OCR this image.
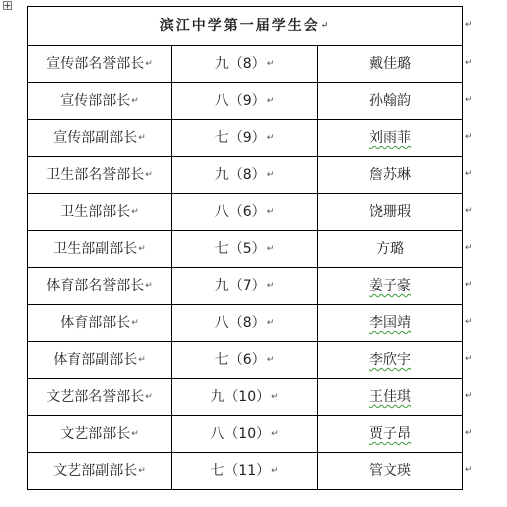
滨江中学第一届学生会↵		
宣传部名誉部长↵	九（8）↵	戴佳璐
宣传部部长↵	八（9）↵	孙翰韵
宣传部副部长↵	七（9）↵	刘雨菲
卫生部名誉部长↵	九（8）↵	詹苏琳
卫生部部长↵	八（6）↵	饶珊瑕
卫生部副部长↵	七（5）↵	方璐
体育部名誉部长↵	九（7）↵	姜子豪
体育部部长↵	八（8）↵	李国靖
体育部副部长↵	七（6）↵	李欣宇
文艺部名誉部长↵	九（10）↵	王佳琪
文艺部部长↵	八（10）↵	贾子昂
文艺部副部长↵	七（11）↵	管文瑛
↵
↵
↵
↵
↵
↵
↵
↵
↵
↵
↵
↵
↵
